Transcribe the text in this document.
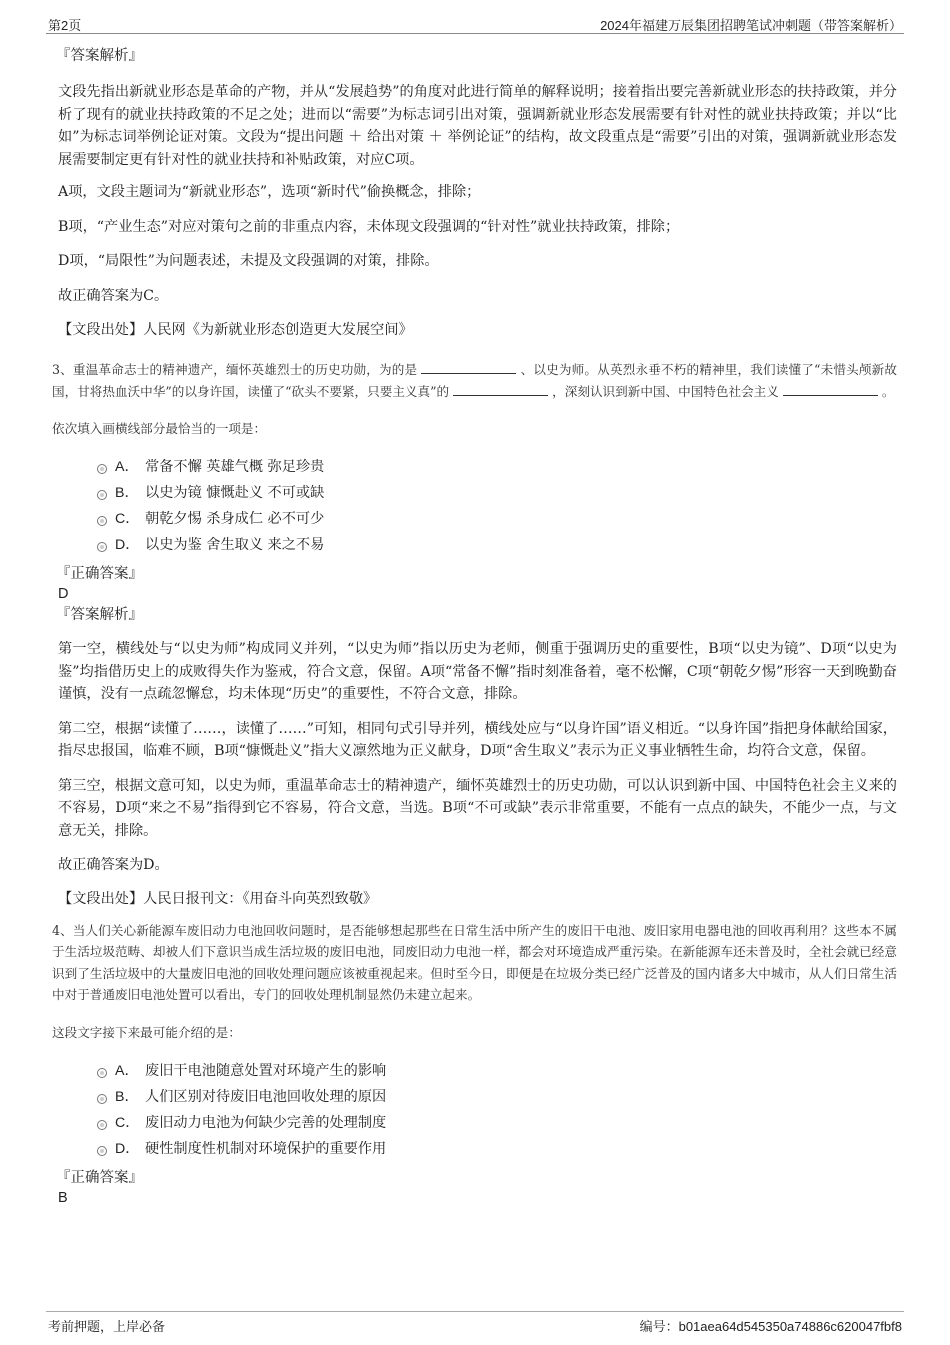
第2页	2024年福建万辰集团招聘笔试冲刺题（带答案解析）
『答案解析』
文段先指出新就业形态是革命的产物，并从“发展趋势”的角度对此进行简单的解释说明；接着指出要完善新就业形态的扶持政策，并分析了现有的就业扶持政策的不足之处；进而以“需要”为标志词引出对策，强调新就业形态发展需要有针对性的就业扶持政策；并以“比如”为标志词举例论证对策。文段为“提出问题 ＋ 给出对策 ＋ 举例论证”的结构，故文段重点是“需要”引出的对策，强调新就业形态发展需要制定更有针对性的就业扶持和补贴政策，对应C项。
A项，文段主题词为“新就业形态”，选项“新时代”偷换概念，排除；
B项，“产业生态”对应对策句之前的非重点内容，未体现文段强调的“针对性”就业扶持政策，排除；
D项，“局限性”为问题表述，未提及文段强调的对策，排除。
故正确答案为C。
【文段出处】人民网《为新就业形态创造更大发展空间》
3、重温革命志士的精神遗产，缅怀英雄烈士的历史功勋，为的是	、以史为师。从英烈永垂不朽的精神里，我们读懂了“未惜头颅新故国，甘将热血沃中华”的以身许国，读懂了“砍头不要紧，只要主义真”的	，深刻认识到新中国、中国特色社会主义	。
依次填入画横线部分最恰当的一项是：
A． 常备不懈 英雄气概 弥足珍贵
B． 以史为镜 慷慨赴义 不可或缺
C． 朝乾夕惕 杀身成仁 必不可少
D． 以史为鉴 舍生取义 来之不易
『正确答案』
D
『答案解析』
第一空，横线处与“以史为师”构成同义并列，“以史为师”指以历史为老师，侧重于强调历史的重要性，B项“以史为镜”、D项“以史为鉴”均指借历史上的成败得失作为鉴戒，符合文意，保留。A项“常备不懈”指时刻准备着，毫不松懈，C项“朝乾夕惕”形容一天到晚勤奋谨慎，没有一点疏忽懈怠，均未体现“历史”的重要性，不符合文意，排除。
第二空，根据“读懂了……，读懂了……”可知，相同句式引导并列，横线处应与“以身许国”语义相近。“以身许国”指把身体献给国家，指尽忠报国，临难不顾，B项“慷慨赴义”指大义凛然地为正义献身，D项“舍生取义”表示为正义事业牺牲生命，均符合文意，保留。
第三空，根据文意可知，以史为师，重温革命志士的精神遗产，缅怀英雄烈士的历史功勋，可以认识到新中国、中国特色社会主义来的不容易，D项“来之不易”指得到它不容易，符合文意，当选。B项“不可或缺”表示非常重要，不能有一点点的缺失，不能少一点，与文意无关，排除。
故正确答案为D。
【文段出处】人民日报刊文：《用奋斗向英烈致敬》
4、当人们关心新能源车废旧动力电池回收问题时，是否能够想起那些在日常生活中所产生的废旧干电池、废旧家用电器电池的回收再利用？这些本不属于生活垃圾范畴、却被人们下意识当成生活垃圾的废旧电池，同废旧动力电池一样，都会对环境造成严重污染。在新能源车还未普及时，全社会就已经意识到了生活垃圾中的大量废旧电池的回收处理问题应该被重视起来。但时至今日，即便是在垃圾分类已经广泛普及的国内诸多大中城市，从人们日常生活中对于普通废旧电池处置可以看出，专门的回收处理机制显然仍未建立起来。
这段文字接下来最可能介绍的是：
A． 废旧干电池随意处置对环境产生的影响
B． 人们区别对待废旧电池回收处理的原因
C． 废旧动力电池为何缺少完善的处理制度
D． 硬性制度性机制对环境保护的重要作用
『正确答案』
B
考前押题，上岸必备	编号：b01aea64d545350a74886c620047fbf8
